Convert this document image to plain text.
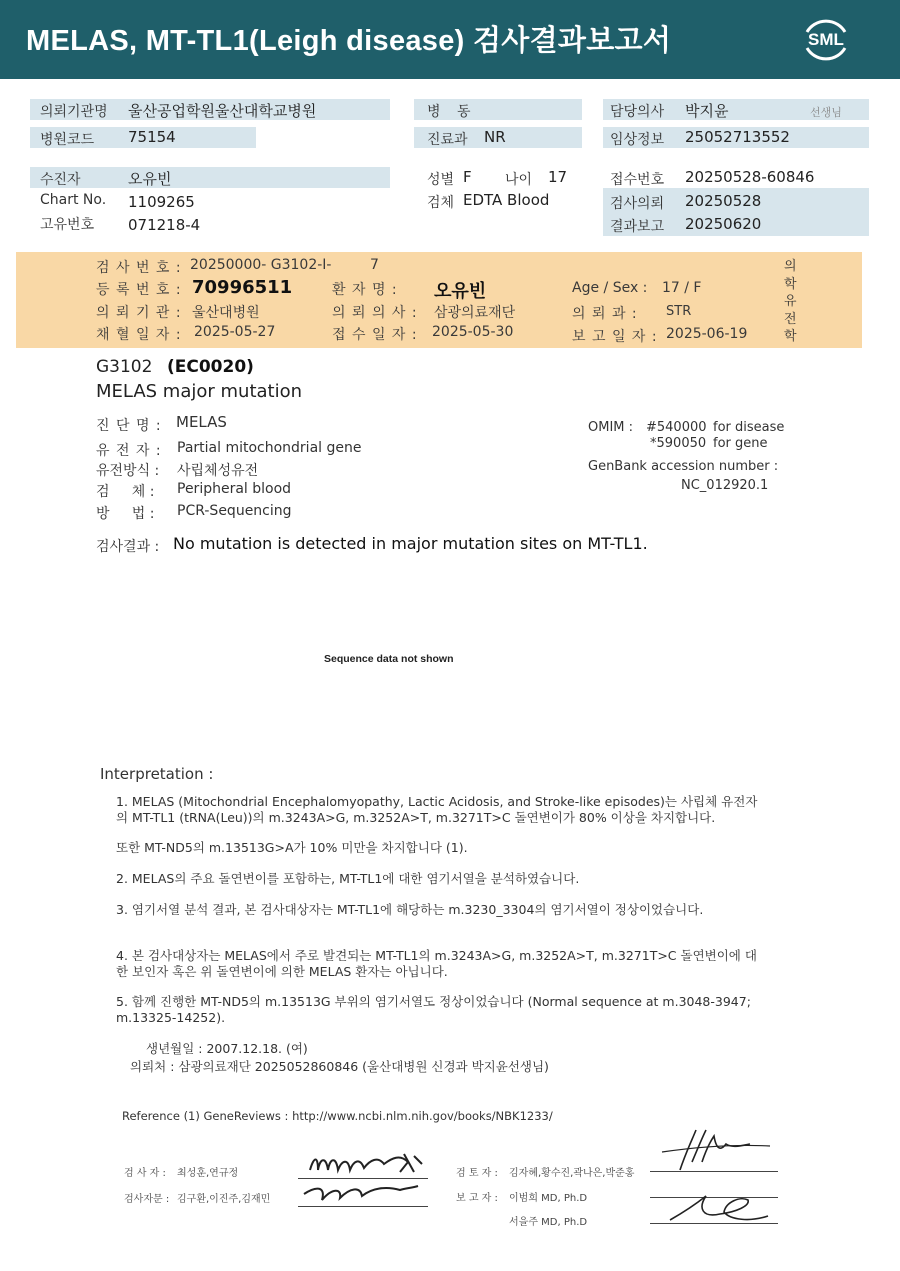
MELAS, MT-TL1(Leigh disease) 검사결과보고서	SML
의뢰기관명 울산공업학원울산대학교병원
병원코드 75154
병 동
진료과 NR
담당의사 박지윤	선생님
임상정보 25052713552
수진자	오유빈
Chart No. 1109265
고유번호 071218-4
성별 F 나이 17
검체 EDTA Blood
접수번호 20250528-60846
검사의뢰 20250528
결과보고 20250620
검 사 번 호 : 20250000- G3102-I-	7
등 록 번 호 : 70996511	환 자 명 : 오유빈	Age / Sex : 17 / F
의 뢰 기 관 : 울산대병원	의 뢰 의 사 : 삼광의료재단	의 뢰 과 : STR
채 혈 일 자 : 2025-05-27	접 수 일 자 : 2025-05-30	보 고 일 자 : 2025-06-19
의
학
유
전
학
G3102 (EC0020)
MELAS major mutation
진 단 명 : MELAS
유 전 자 : Partial mitochondrial gene
유전방식 : 사립체성유전
검     체 : Peripheral blood
방     법 : PCR-Sequencing
OMIM : #540000 for disease
*590050 for gene
GenBank accession number :
NC_012920.1
검사결과 : No mutation is detected in major mutation sites on MT-TL1.
Sequence data not shown
Interpretation :
1. MELAS (Mitochondrial Encephalomyopathy, Lactic Acidosis, and Stroke-like episodes)는 사립체 유전자의 MT-TL1 (tRNA(Leu))의 m.3243A>G, m.3252A>T, m.3271T>C 돌연변이가 80% 이상을 차지합니다.
또한 MT-ND5의 m.13513G>A가 10% 미만을 차지합니다 (1).
2. MELAS의 주요 돌연변이를 포함하는, MT-TL1에 대한 염기서열을 분석하였습니다.
3. 염기서열 분석 결과, 본 검사대상자는 MT-TL1에 해당하는 m.3230_3304의 염기서열이 정상이었습니다.
4. 본 검사대상자는 MELAS에서 주로 발견되는 MT-TL1의 m.3243A>G, m.3252A>T, m.3271T>C 돌연변이에 대한 보인자 혹은 위 돌연변이에 의한 MELAS 환자는 아닙니다.
5. 함께 진행한 MT-ND5의 m.13513G 부위의 염기서열도 정상이었습니다 (Normal sequence at m.3048-3947; m.13325-14252).
생년월일 : 2007.12.18. (여)
의뢰처 : 삼광의료재단 2025052860846 (울산대병원 신경과 박지윤선생님)
Reference (1) GeneReviews : http://www.ncbi.nlm.nih.gov/books/NBK1233/
검 사 자 : 최성훈,연규정
검사자문 : 김구환,이진주,김재민
검 토 자 : 김자혜,황수진,곽나은,박준홍
보 고 자 : 이범희 MD, Ph.D
서을주 MD, Ph.D
